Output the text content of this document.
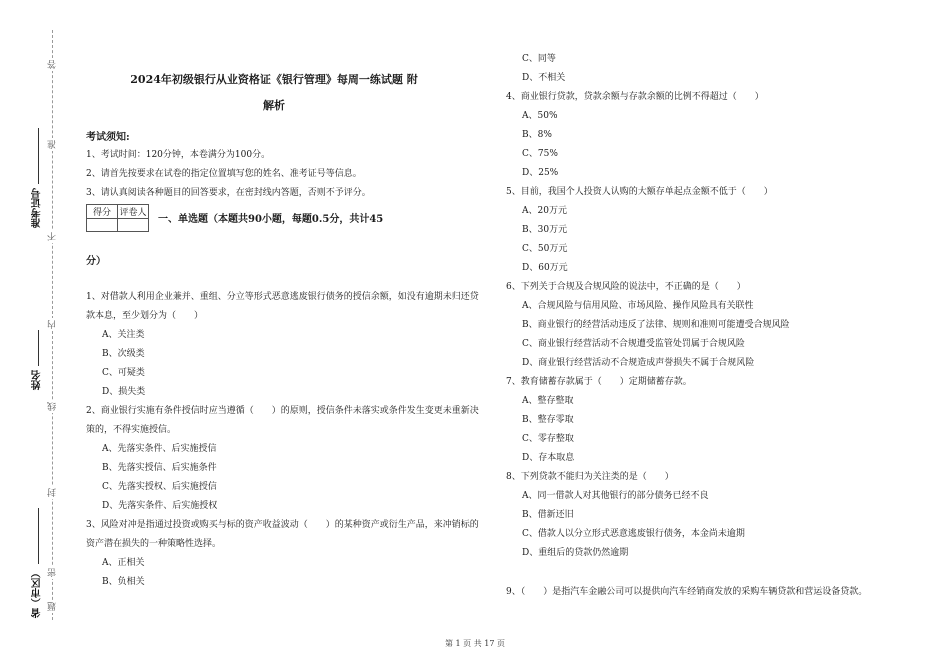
答
准
不
内
线
封
密
题
准考证号
姓名
省（市区）
2024年初级银行从业资格证《银行管理》每周一练试题 附
解析
考试须知:
1、考试时间：120分钟，本卷满分为100分。
2、请首先按要求在试卷的指定位置填写您的姓名、准考证号等信息。
3、请认真阅读各种题目的回答要求，在密封线内答题，否则不予评分。
得分	评卷人

一、单选题（本题共90小题，每题0.5分，共计45
分）
1、对借款人利用企业兼并、重组、分立等形式恶意逃废银行债务的授信余额，如没有逾期未归还贷款本息，至少划分为（　　）
A、关注类
B、次级类
C、可疑类
D、损失类
2、商业银行实施有条件授信时应当遵循（　　）的原则，授信条件未落实或条件发生变更未重新决策的，不得实施授信。
A、先落实条件、后实施授信
B、先落实授信、后实施条件
C、先落实授权、后实施授信
D、先落实条件、后实施授权
3、风险对冲是指通过投资或购买与标的资产收益波动（　　）的某种资产或衍生产品，来冲销标的资产潜在损失的一种策略性选择。
A、正相关
B、负相关
C、同等
D、不相关
4、商业银行贷款，贷款余额与存款余额的比例不得超过（　　）
A、50%
B、8%
C、75%
D、25%
5、目前，我国个人投资人认购的大额存单起点金额不低于（　　）
A、20万元
B、30万元
C、50万元
D、60万元
6、下列关于合规及合规风险的说法中，不正确的是（　　）
A、合规风险与信用风险、市场风险、操作风险具有关联性
B、商业银行的经营活动违反了法律、规则和准则可能遭受合规风险
C、商业银行经营活动不合规遭受监管处罚属于合规风险
D、商业银行经营活动不合规造成声誉损失不属于合规风险
7、教育储蓄存款属于（　　）定期储蓄存款。
A、整存整取
B、整存零取
C、零存整取
D、存本取息
8、下列贷款不能归为关注类的是（　　）
A、同一借款人对其他银行的部分债务已经不良
B、借新还旧
C、借款人以分立形式恶意逃废银行债务，本金尚未逾期
D、重组后的贷款仍然逾期
9、（　　）是指汽车金融公司可以提供向汽车经销商发放的采购车辆贷款和营运设备贷款。
第 1 页 共 17 页
